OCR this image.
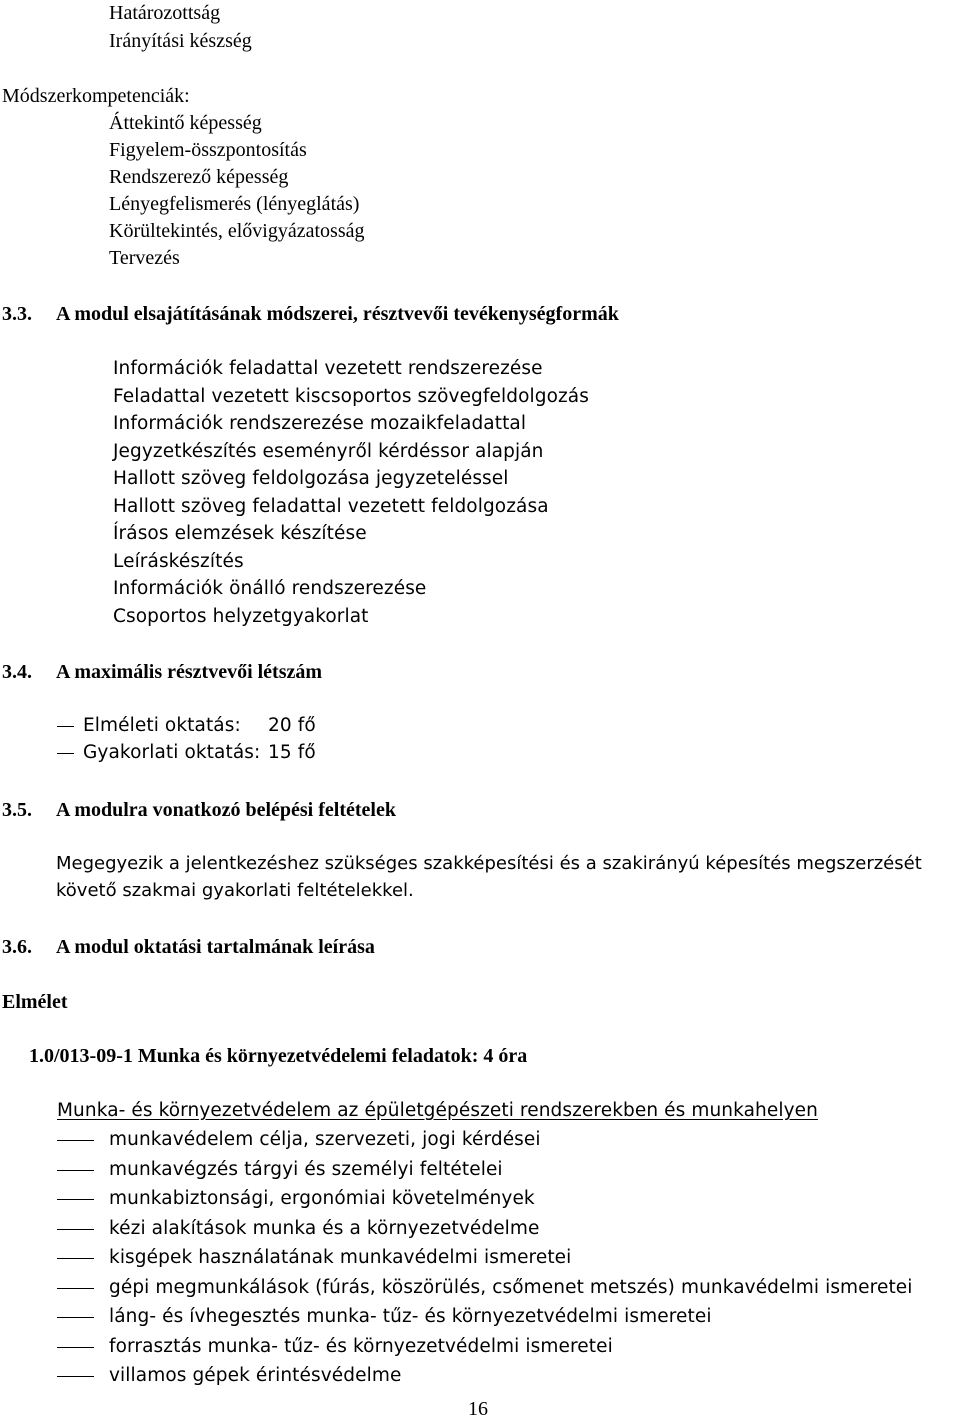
Határozottság
Irányítási készség
Módszerkompetenciák:
Áttekintő képesség
Figyelem-összpontosítás
Rendszerező képesség
Lényegfelismerés (lényeglátás)
Körültekintés, elővigyázatosság
Tervezés
3.3. A modul elsajátításának módszerei, résztvevői tevékenységformák
Információk feladattal vezetett rendszerezése
Feladattal vezetett kiscsoportos szövegfeldolgozás
Információk rendszerezése mozaikfeladattal
Jegyzetkészítés eseményről kérdéssor alapján
Hallott szöveg feldolgozása jegyzeteléssel
Hallott szöveg feladattal vezetett feldolgozása
Írásos elemzések készítése
Leíráskészítés
Információk önálló rendszerezése
Csoportos helyzetgyakorlat
3.4. A maximális résztvevői létszám
Elméleti oktatás: 20 fő
Gyakorlati oktatás: 15 fő
3.5. A modulra vonatkozó belépési feltételek
Megegyezik a jelentkezéshez szükséges szakképesítési és a szakirányú képesítés megszerzését
követő szakmai gyakorlati feltételekkel.
3.6. A modul oktatási tartalmának leírása
Elmélet
1.0/013-09-1 Munka és környezetvédelemi feladatok: 4 óra
Munka- és környezetvédelem az épületgépészeti rendszerekben és munkahelyen
munkavédelem célja, szervezeti, jogi kérdései
munkavégzés tárgyi és személyi feltételei
munkabiztonsági, ergonómiai követelmények
kézi alakítások munka és a környezetvédelme
kisgépek használatának munkavédelmi ismeretei
gépi megmunkálások (fúrás, köszörülés, csőmenet metszés) munkavédelmi ismeretei
láng- és ívhegesztés munka- tűz- és környezetvédelmi ismeretei
forrasztás munka- tűz- és környezetvédelmi ismeretei
villamos gépek érintésvédelme
16
